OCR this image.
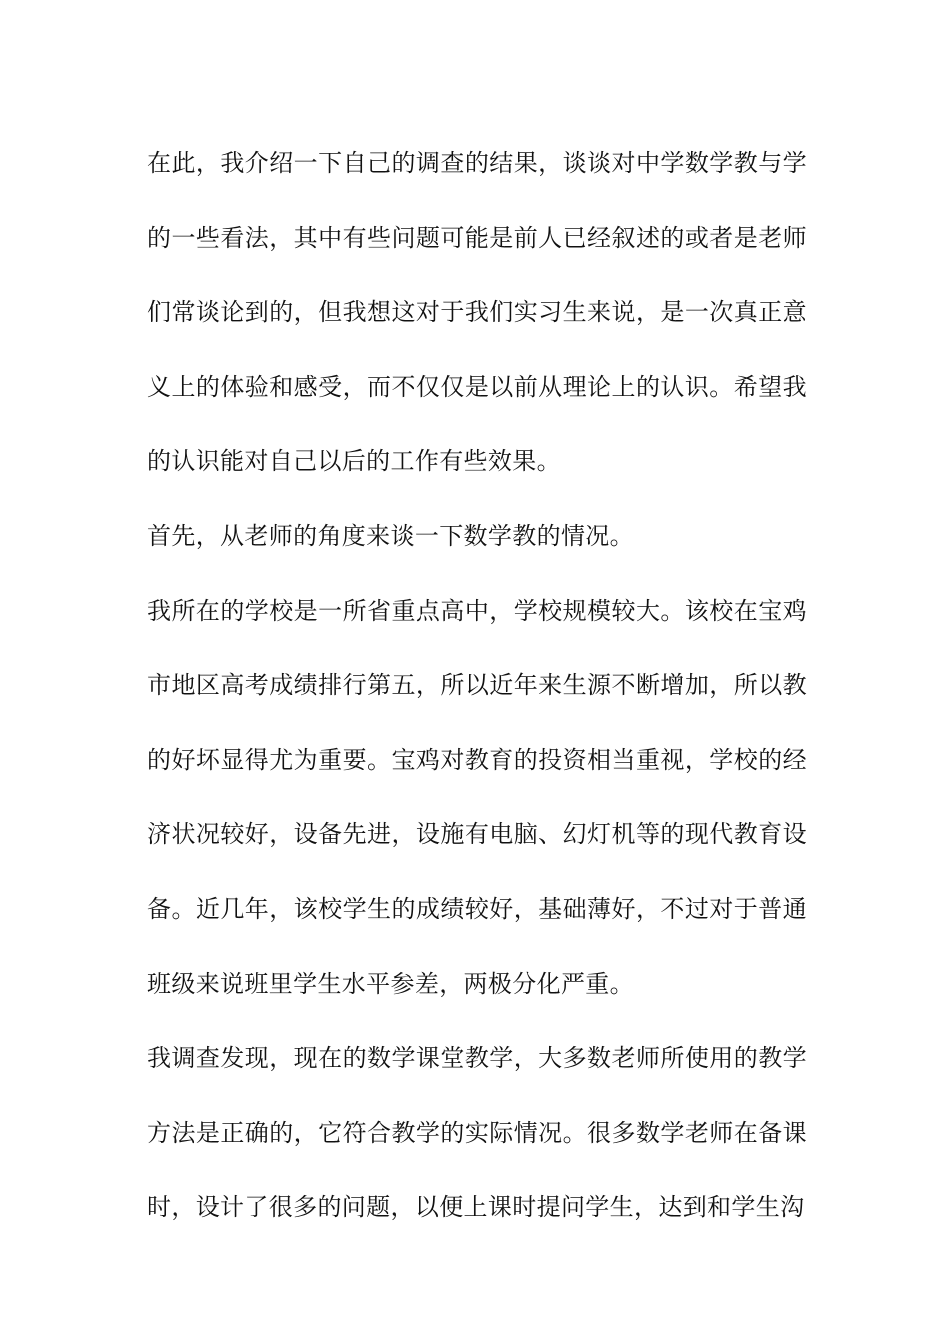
在此，我介绍一下自己的调查的结果，谈谈对中学数学教与学的一些看法，其中有些问题可能是前人已经叙述的或者是老师们常谈论到的，但我想这对于我们实习生来说，是一次真正意义上的体验和感受，而不仅仅是以前从理论上的认识。希望我的认识能对自己以后的工作有些效果。

首先，从老师的角度来谈一下数学教的情况。

我所在的学校是一所省重点高中，学校规模较大。该校在宝鸡市地区高考成绩排行第五，所以近年来生源不断增加，所以教的好坏显得尤为重要。宝鸡对教育的投资相当重视，学校的经济状况较好，设备先进，设施有电脑、幻灯机等的现代教育设备。近几年，该校学生的成绩较好，基础薄好，不过对于普通班级来说班里学生水平参差，两极分化严重。

我调查发现，现在的数学课堂教学，大多数老师所使用的教学方法是正确的，它符合教学的实际情况。很多数学老师在备课时，设计了很多的问题，以便上课时提问学生，达到和学生沟
